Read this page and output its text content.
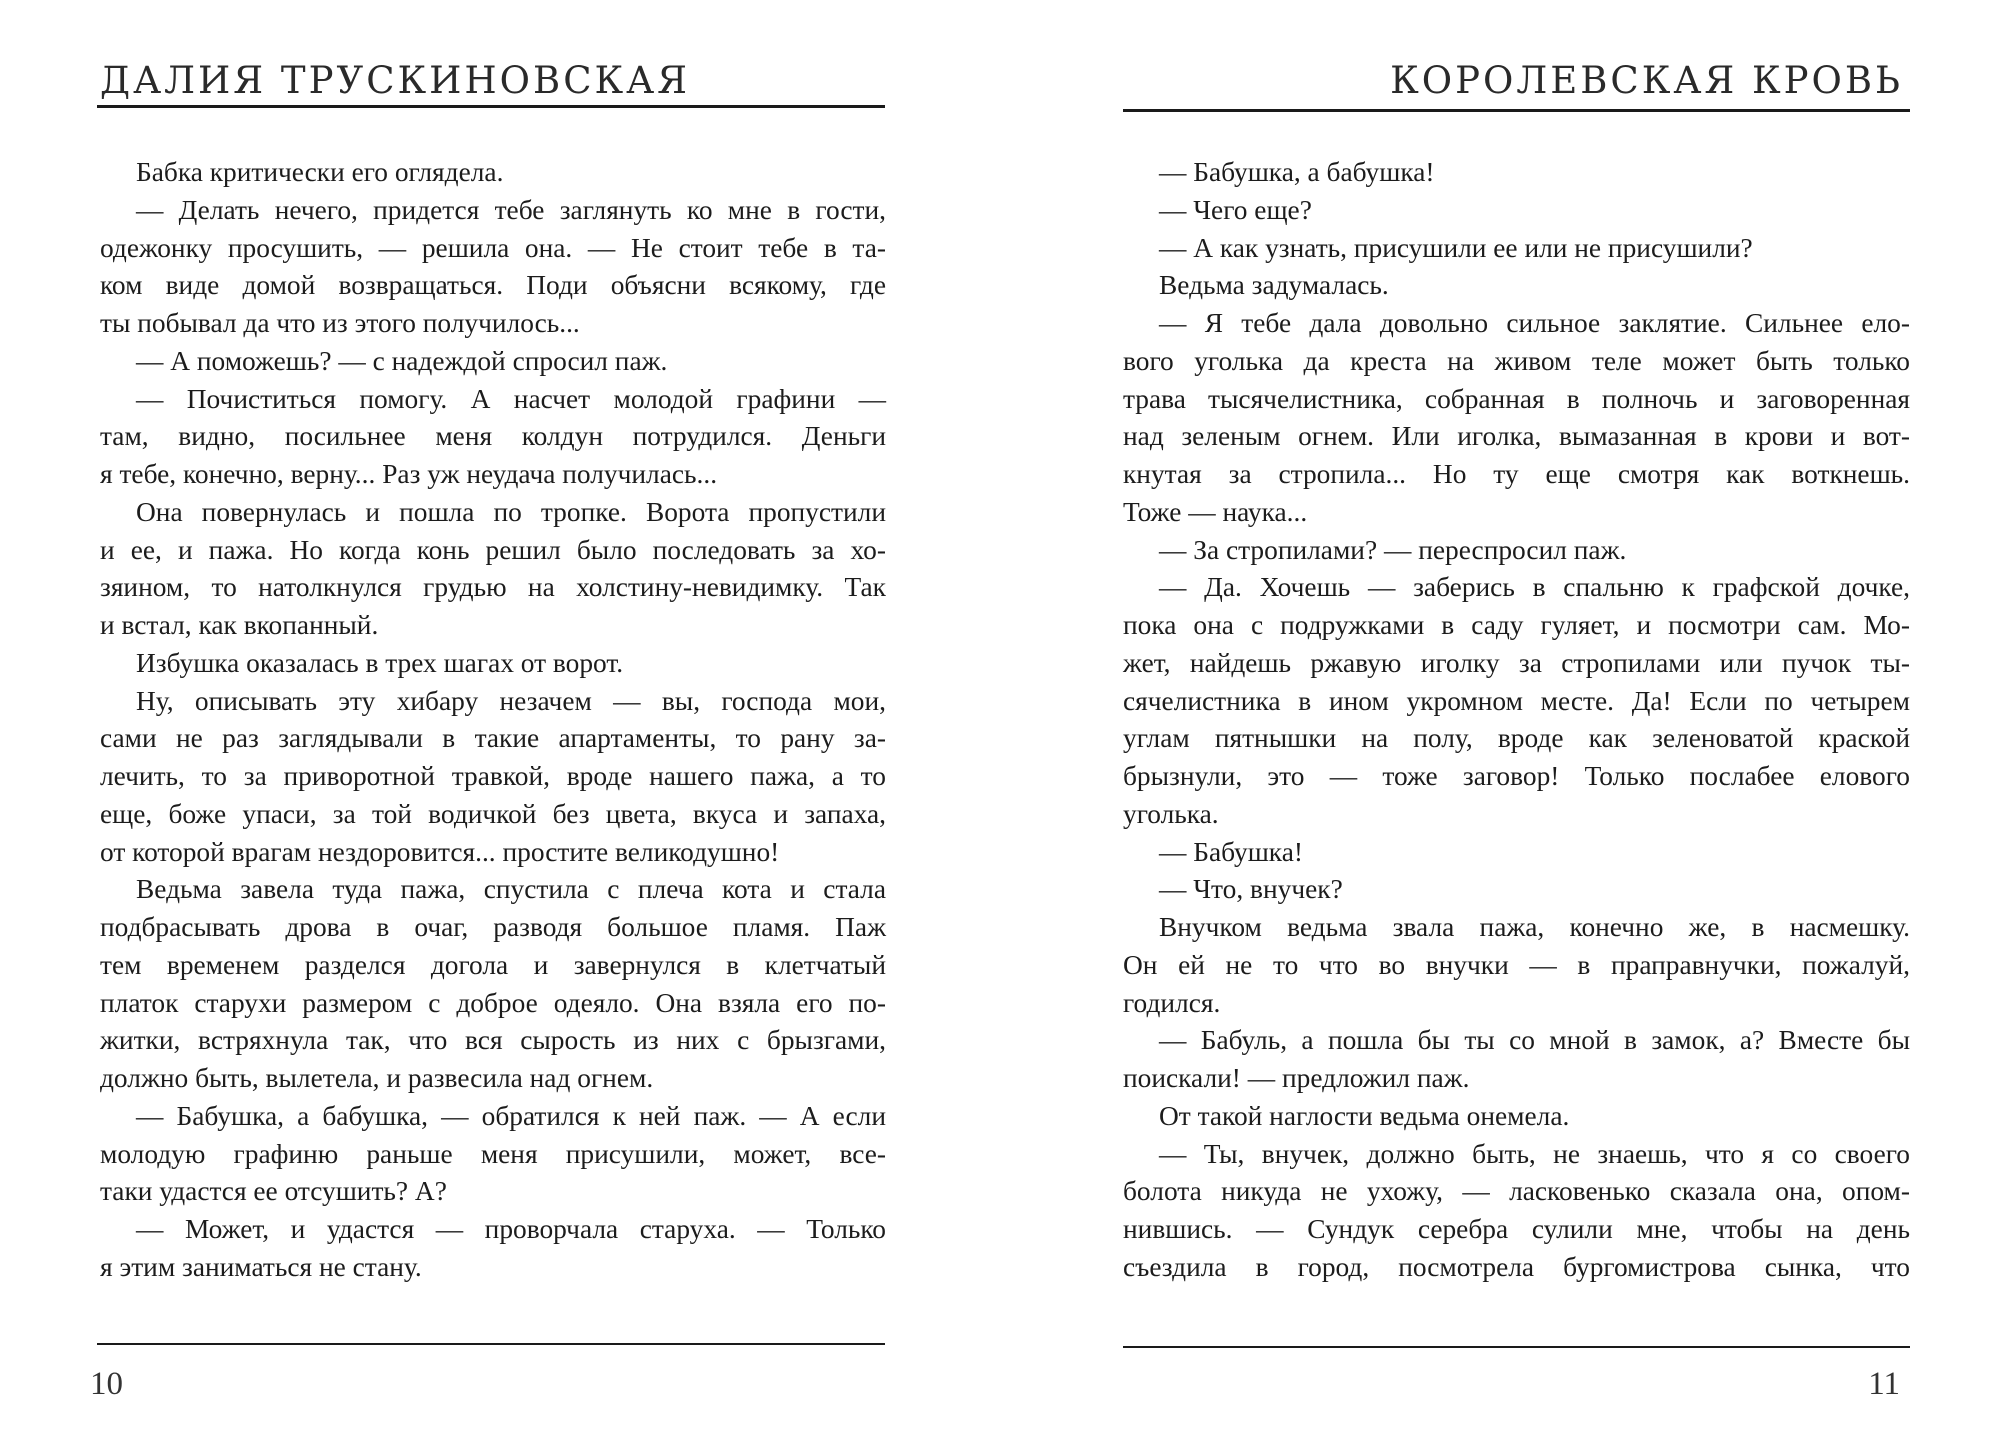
ДАЛИЯ ТРУСКИНОВСКАЯ
Бабка критически его оглядела.
— Делать нечего, придется тебе заглянуть ко мне в гости,
одежонку просушить, — решила она. — Не стоит тебе в та-
ком виде домой возвращаться. Поди объясни всякому, где
ты побывал да что из этого получилось...
— А поможешь? — с надеждой спросил паж.
— Почиститься помогу. А насчет молодой графини —
там, видно, посильнее меня колдун потрудился. Деньги
я тебе, конечно, верну... Раз уж неудача получилась...
Она повернулась и пошла по тропке. Ворота пропустили
и ее, и пажа. Но когда конь решил было последовать за хо-
зяином, то натолкнулся грудью на холстину-невидимку. Так
и встал, как вкопанный.
Избушка оказалась в трех шагах от ворот.
Ну, описывать эту хибару незачем — вы, господа мои,
сами не раз заглядывали в такие апартаменты, то рану за-
лечить, то за приворотной травкой, вроде нашего пажа, а то
еще, боже упаси, за той водичкой без цвета, вкуса и запаха,
от которой врагам нездоровится... простите великодушно!
Ведьма завела туда пажа, спустила с плеча кота и стала
подбрасывать дрова в очаг, разводя большое пламя. Паж
тем временем разделся догола и завернулся в клетчатый
платок старухи размером с доброе одеяло. Она взяла его по-
житки, встряхнула так, что вся сырость из них с брызгами,
должно быть, вылетела, и развесила над огнем.
— Бабушка, а бабушка, — обратился к ней паж. — А если
молодую графиню раньше меня присушили, может, все-
таки удастся ее отсушить? А?
— Может, и удастся — проворчала старуха. — Только
я этим заниматься не стану.
10
КОРОЛЕВСКАЯ КРОВЬ
— Бабушка, а бабушка!
— Чего еще?
— А как узнать, присушили ее или не присушили?
Ведьма задумалась.
— Я тебе дала довольно сильное заклятие. Сильнее ело-
вого уголька да креста на живом теле может быть только
трава тысячелистника, собранная в полночь и заговоренная
над зеленым огнем. Или иголка, вымазанная в крови и вот-
кнутая за стропила... Но ту еще смотря как воткнешь.
Тоже — наука...
— За стропилами? — переспросил паж.
— Да. Хочешь — заберись в спальню к графской дочке,
пока она с подружками в саду гуляет, и посмотри сам. Мо-
жет, найдешь ржавую иголку за стропилами или пучок ты-
сячелистника в ином укромном месте. Да! Если по четырем
углам пятнышки на полу, вроде как зеленоватой краской
брызнули, это — тоже заговор! Только послабее елового
уголька.
— Бабушка!
— Что, внучек?
Внучком ведьма звала пажа, конечно же, в насмешку.
Он ей не то что во внучки — в праправнучки, пожалуй,
годился.
— Бабуль, а пошла бы ты со мной в замок, а? Вместе бы
поискали! — предложил паж.
От такой наглости ведьма онемела.
— Ты, внучек, должно быть, не знаешь, что я со своего
болота никуда не ухожу, — ласковенько сказала она, опом-
нившись. — Сундук серебра сулили мне, чтобы на день
съездила в город, посмотрела бургомистрова сынка, что
11
